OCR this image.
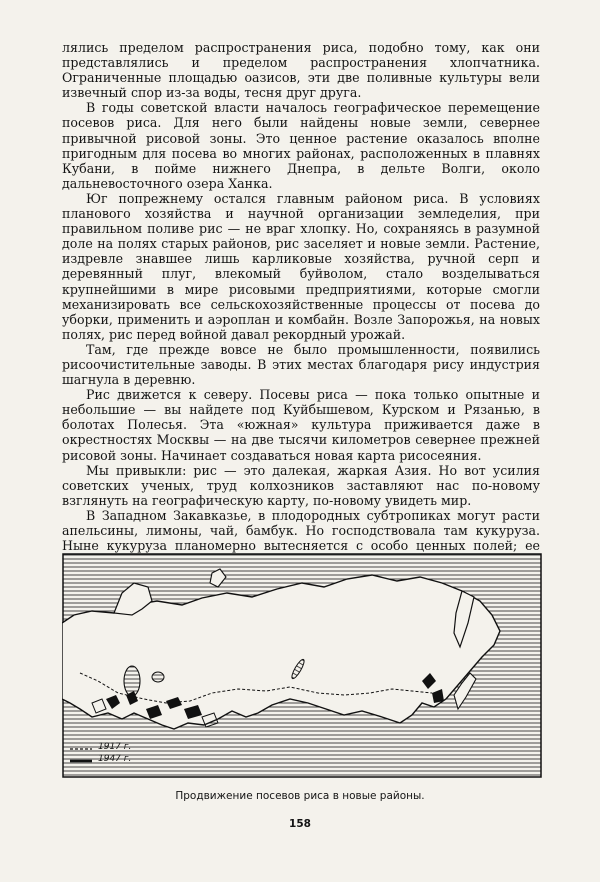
лялись пределом распространения риса, подобно тому, как они представлялись и пределом распространения хлопчатника. Ограниченные площадью оазисов, эти две поливные культуры вели извечный спор из-за воды, тесня друг друга.

В годы советской власти началось географическое перемещение посевов риса. Для него были найдены новые земли, севернее привычной рисовой зоны. Это ценное растение оказалось вполне пригодным для посева во многих районах, расположенных в плавнях Кубани, в пойме нижнего Днепра, в дельте Волги, около дальневосточного озера Ханка.

Юг попрежнему остался главным районом риса. В условиях планового хозяйства и научной организации земледелия, при правильном поливе рис — не враг хлопку. Но, сохраняясь в разумной доле на полях старых районов, рис заселяет и новые земли. Растение, издревле знавшее лишь карликовые хозяйства, ручной серп и деревянный плуг, влекомый буйволом, стало возделываться крупнейшими в мире рисовыми предприятиями, которые смогли механизировать все сельскохозяйственные процессы от посева до уборки, применить и аэроплан и комбайн. Возле Запорожья, на новых полях, рис перед войной давал рекордный урожай.

Там, где прежде вовсе не было промышленности, появились рисоочистительные заводы. В этих местах благодаря рису индустрия шагнула в деревню.

Рис движется к северу. Посевы риса — пока только опытные и небольшие — вы найдете под Куйбышевом, Курском и Рязанью, в болотах Полесья. Эта «южная» культура приживается даже в окрестностях Москвы — на две тысячи километров севернее прежней рисовой зоны. Начинает создаваться новая карта рисосеяния.

Мы привыкли: рис — это далекая, жаркая Азия. Но вот усилия советских ученых, труд колхозников заставляют нас по-новому взглянуть на географическую карту, по-новому увидеть мир.

В Западном Закавказье, в плодородных субтропиках могут расти апельсины, лимоны, чай, бамбук. Но господствовала там кукуруза. Ныне кукуруза планомерно вытесняется с особо ценных полей; ее

1917 г.
1947 г.
Продвижение посевов риса в новые районы.
158
